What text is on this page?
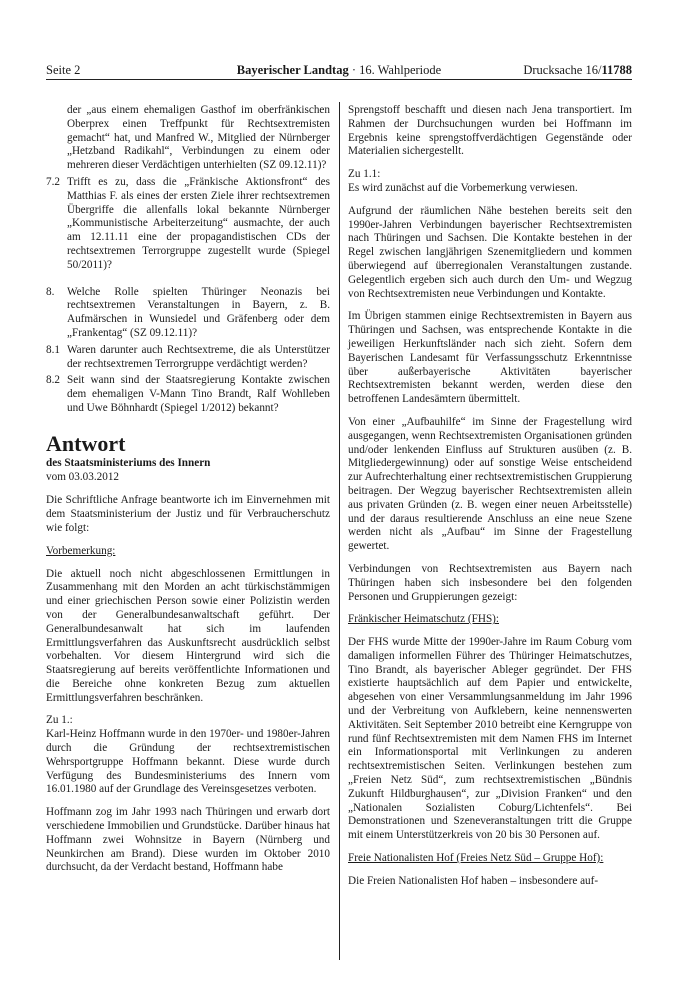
Seite 2	Bayerischer Landtag · 16. Wahlperiode	Drucksache 16/11788

der „aus einem ehemaligen Gasthof im oberfränkischen Oberprex einen Treffpunkt für Rechtsextremisten gemacht“ hat, und Manfred W., Mitglied der Nürnberger „Hetzband Radikahl“, Verbindungen zu einem oder mehreren dieser Verdächtigen unterhielten (SZ 09.12.11)?

7.2 Trifft es zu, dass die „Fränkische Aktionsfront“ des Matthias F. als eines der ersten Ziele ihrer rechtsextremen Übergriffe die allenfalls lokal bekannte Nürnberger „Kommunistische Arbeiterzeitung“ ausmachte, der auch am 12.11.11 eine der propagandistischen CDs der rechtsextremen Terrorgruppe zugestellt wurde (Spiegel 50/2011)?
8. Welche Rolle spielten Thüringer Neonazis bei rechtsextremen Veranstaltungen in Bayern, z. B. Aufmärschen in Wunsiedel und Gräfenberg oder dem „Frankentag“ (SZ 09.12.11)?
8.1 Waren darunter auch Rechtsextreme, die als Unterstützer der rechtsextremen Terrorgruppe verdächtigt werden?
8.2 Seit wann sind der Staatsregierung Kontakte zwischen dem ehemaligen V-Mann Tino Brandt, Ralf Wohlleben und Uwe Böhnhardt (Spiegel 1/2012) bekannt?
Antwort
des Staatsministeriums des Innern
vom 03.03.2012

Die Schriftliche Anfrage beantworte ich im Einvernehmen mit dem Staatsministerium der Justiz und für Verbraucherschutz wie folgt:

Vorbemerkung:

Die aktuell noch nicht abgeschlossenen Ermittlungen in Zusammenhang mit den Morden an acht türkischstämmigen und einer griechischen Person sowie einer Polizistin werden von der Generalbundesanwaltschaft geführt. Der Generalbundesanwalt hat sich im laufenden Ermittlungsverfahren das Auskunftsrecht ausdrücklich selbst vorbehalten. Vor diesem Hintergrund wird sich die Staatsregierung auf bereits veröffentlichte Informationen und die Bereiche ohne konkreten Bezug zum aktuellen Ermittlungsverfahren beschränken.

Zu 1.:

Karl-Heinz Hoffmann wurde in den 1970er- und 1980er-Jahren durch die Gründung der rechtsextremistischen Wehrsportgruppe Hoffmann bekannt. Diese wurde durch Verfügung des Bundesministeriums des Innern vom 16.01.1980 auf der Grundlage des Vereinsgesetzes verboten.

Hoffmann zog im Jahr 1993 nach Thüringen und erwarb dort verschiedene Immobilien und Grundstücke. Darüber hinaus hat Hoffmann zwei Wohnsitze in Bayern (Nürnberg und Neunkirchen am Brand). Diese wurden im Oktober 2010 durchsucht, da der Verdacht bestand, Hoffmann habe

Sprengstoff beschafft und diesen nach Jena transportiert. Im Rahmen der Durchsuchungen wurden bei Hoffmann im Ergebnis keine sprengstoffverdächtigen Gegenstände oder Materialien sichergestellt.

Zu 1.1:

Es wird zunächst auf die Vorbemerkung verwiesen.

Aufgrund der räumlichen Nähe bestehen bereits seit den 1990er-Jahren Verbindungen bayerischer Rechtsextremisten nach Thüringen und Sachsen. Die Kontakte bestehen in der Regel zwischen langjährigen Szenemitgliedern und kommen überwiegend auf überregionalen Veranstaltungen zustande. Gelegentlich ergeben sich auch durch den Um- und Wegzug von Rechtsextremisten neue Verbindungen und Kontakte.

Im Übrigen stammen einige Rechtsextremisten in Bayern aus Thüringen und Sachsen, was entsprechende Kontakte in die jeweiligen Herkunftsländer nach sich zieht. Sofern dem Bayerischen Landesamt für Verfassungsschutz Erkenntnisse über außerbayerische Aktivitäten bayerischer Rechtsextremisten bekannt werden, werden diese den betroffenen Landesämtern übermittelt.

Von einer „Aufbauhilfe“ im Sinne der Fragestellung wird ausgegangen, wenn Rechtsextremisten Organisationen gründen und/oder lenkenden Einfluss auf Strukturen ausüben (z. B. Mitgliedergewinnung) oder auf sonstige Weise entscheidend zur Aufrechterhaltung einer rechtsextremistischen Gruppierung beitragen. Der Wegzug bayerischer Rechtsextremisten allein aus privaten Gründen (z. B. wegen einer neuen Arbeitsstelle) und der daraus resultierende Anschluss an eine neue Szene werden nicht als „Aufbau“ im Sinne der Fragestellung gewertet.

Verbindungen von Rechtsextremisten aus Bayern nach Thüringen haben sich insbesondere bei den folgenden Personen und Gruppierungen gezeigt:

Fränkischer Heimatschutz (FHS):

Der FHS wurde Mitte der 1990er-Jahre im Raum Coburg vom damaligen informellen Führer des Thüringer Heimatschutzes, Tino Brandt, als bayerischer Ableger gegründet. Der FHS existierte hauptsächlich auf dem Papier und entwickelte, abgesehen von einer Versammlungsanmeldung im Jahr 1996 und der Verbreitung von Aufklebern, keine nennenswerten Aktivitäten. Seit September 2010 betreibt eine Kerngruppe von rund fünf Rechtsextremisten mit dem Namen FHS im Internet ein Informationsportal mit Verlinkungen zu anderen rechtsextremistischen Seiten. Verlinkungen bestehen zum „Freien Netz Süd“, zum rechtsextremistischen „Bündnis Zukunft Hildburghausen“, zur „Division Franken“ und den „Nationalen Sozialisten Coburg/Lichtenfels“. Bei Demonstrationen und Szeneveranstaltungen tritt die Gruppe mit einem Unterstützerkreis von 20 bis 30 Personen auf.

Freie Nationalisten Hof (Freies Netz Süd – Gruppe Hof):

Die Freien Nationalisten Hof haben – insbesondere auf-
